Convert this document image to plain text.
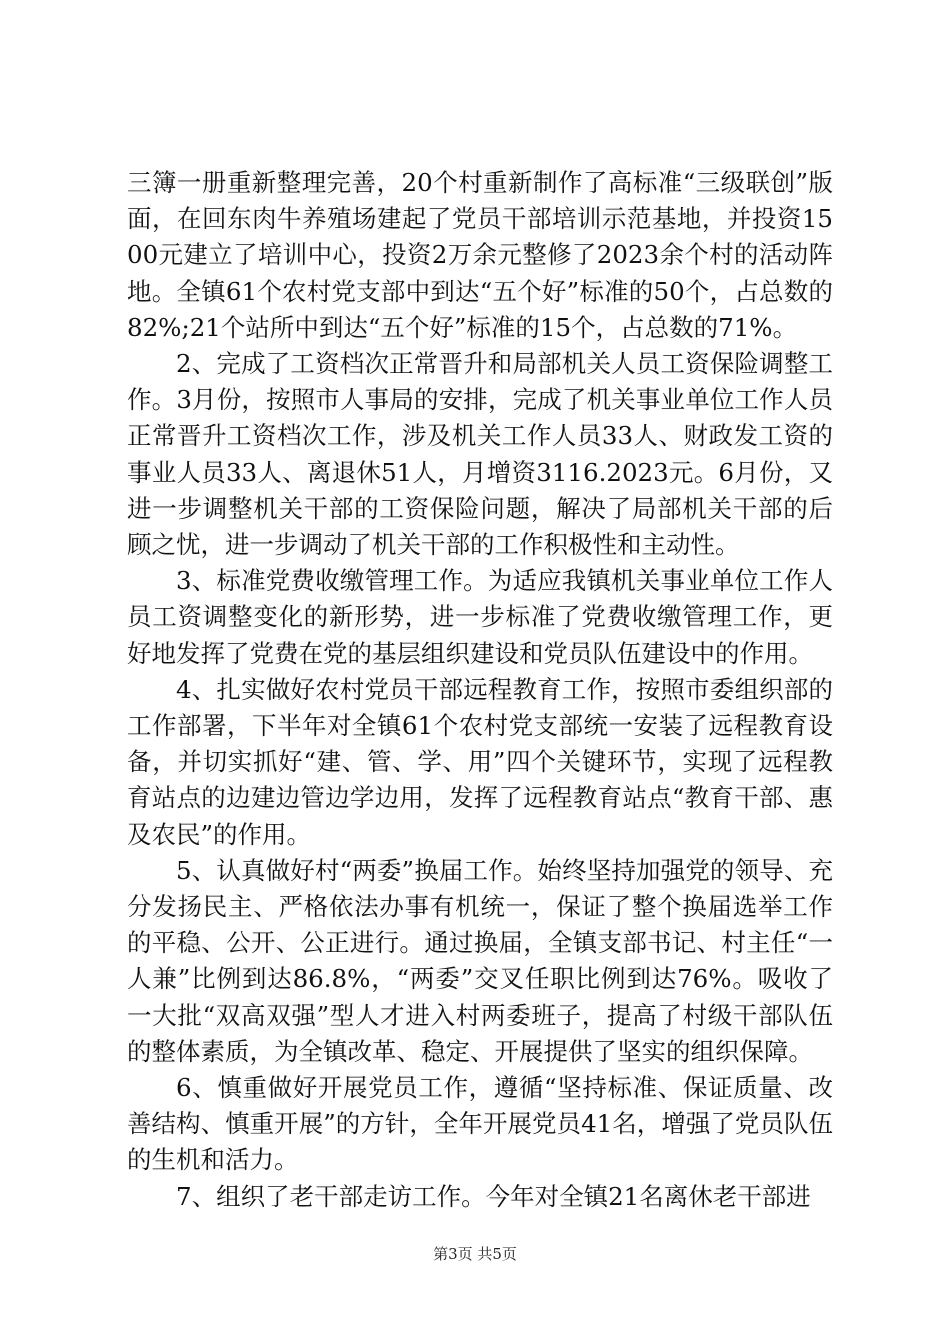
三簿一册重新整理完善，20个村重新制作了高标准“三级联创”版面，在回东肉牛养殖场建起了党员干部培训示范基地，并投资1500元建立了培训中心，投资2万余元整修了2023余个村的活动阵地。全镇61个农村党支部中到达“五个好”标准的50个，占总数的82%;21个站所中到达“五个好”标准的15个，占总数的71%。

2、完成了工资档次正常晋升和局部机关人员工资保险调整工作。3月份，按照市人事局的安排，完成了机关事业单位工作人员正常晋升工资档次工作，涉及机关工作人员33人、财政发工资的事业人员33人、离退休51人，月增资3116.2023元。6月份，又进一步调整机关干部的工资保险问题，解决了局部机关干部的后顾之忧，进一步调动了机关干部的工作积极性和主动性。

3、标准党费收缴管理工作。为适应我镇机关事业单位工作人员工资调整变化的新形势，进一步标准了党费收缴管理工作，更好地发挥了党费在党的基层组织建设和党员队伍建设中的作用。

4、扎实做好农村党员干部远程教育工作，按照市委组织部的工作部署，下半年对全镇61个农村党支部统一安装了远程教育设备，并切实抓好“建、管、学、用”四个关键环节，实现了远程教育站点的边建边管边学边用，发挥了远程教育站点“教育干部、惠及农民”的作用。

5、认真做好村“两委”换届工作。始终坚持加强党的领导、充分发扬民主、严格依法办事有机统一，保证了整个换届选举工作的平稳、公开、公正进行。通过换届，全镇支部书记、村主任“一人兼”比例到达86.8%，“两委”交叉任职比例到达76%。吸收了一大批“双高双强”型人才进入村两委班子，提高了村级干部队伍的整体素质，为全镇改革、稳定、开展提供了坚实的组织保障。

6、慎重做好开展党员工作，遵循“坚持标准、保证质量、改善结构、慎重开展”的方针，全年开展党员41名，增强了党员队伍的生机和活力。

7、组织了老干部走访工作。今年对全镇21名离休老干部进

第3页 共5页
